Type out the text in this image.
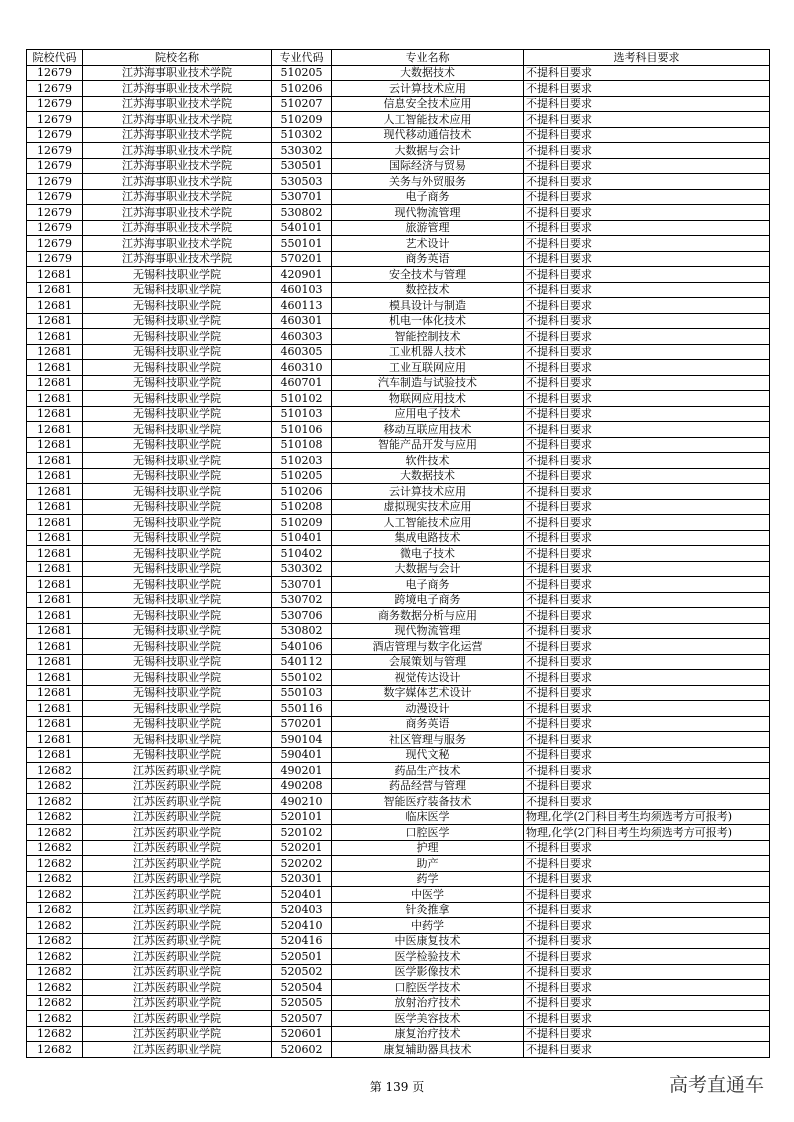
院校代码	院校名称	专业代码	专业名称	选考科目要求
12679	江苏海事职业技术学院	510205	大数据技术	不提科目要求
12679	江苏海事职业技术学院	510206	云计算技术应用	不提科目要求
12679	江苏海事职业技术学院	510207	信息安全技术应用	不提科目要求
12679	江苏海事职业技术学院	510209	人工智能技术应用	不提科目要求
12679	江苏海事职业技术学院	510302	现代移动通信技术	不提科目要求
12679	江苏海事职业技术学院	530302	大数据与会计	不提科目要求
12679	江苏海事职业技术学院	530501	国际经济与贸易	不提科目要求
12679	江苏海事职业技术学院	530503	关务与外贸服务	不提科目要求
12679	江苏海事职业技术学院	530701	电子商务	不提科目要求
12679	江苏海事职业技术学院	530802	现代物流管理	不提科目要求
12679	江苏海事职业技术学院	540101	旅游管理	不提科目要求
12679	江苏海事职业技术学院	550101	艺术设计	不提科目要求
12679	江苏海事职业技术学院	570201	商务英语	不提科目要求
12681	无锡科技职业学院	420901	安全技术与管理	不提科目要求
12681	无锡科技职业学院	460103	数控技术	不提科目要求
12681	无锡科技职业学院	460113	模具设计与制造	不提科目要求
12681	无锡科技职业学院	460301	机电一体化技术	不提科目要求
12681	无锡科技职业学院	460303	智能控制技术	不提科目要求
12681	无锡科技职业学院	460305	工业机器人技术	不提科目要求
12681	无锡科技职业学院	460310	工业互联网应用	不提科目要求
12681	无锡科技职业学院	460701	汽车制造与试验技术	不提科目要求
12681	无锡科技职业学院	510102	物联网应用技术	不提科目要求
12681	无锡科技职业学院	510103	应用电子技术	不提科目要求
12681	无锡科技职业学院	510106	移动互联应用技术	不提科目要求
12681	无锡科技职业学院	510108	智能产品开发与应用	不提科目要求
12681	无锡科技职业学院	510203	软件技术	不提科目要求
12681	无锡科技职业学院	510205	大数据技术	不提科目要求
12681	无锡科技职业学院	510206	云计算技术应用	不提科目要求
12681	无锡科技职业学院	510208	虚拟现实技术应用	不提科目要求
12681	无锡科技职业学院	510209	人工智能技术应用	不提科目要求
12681	无锡科技职业学院	510401	集成电路技术	不提科目要求
12681	无锡科技职业学院	510402	微电子技术	不提科目要求
12681	无锡科技职业学院	530302	大数据与会计	不提科目要求
12681	无锡科技职业学院	530701	电子商务	不提科目要求
12681	无锡科技职业学院	530702	跨境电子商务	不提科目要求
12681	无锡科技职业学院	530706	商务数据分析与应用	不提科目要求
12681	无锡科技职业学院	530802	现代物流管理	不提科目要求
12681	无锡科技职业学院	540106	酒店管理与数字化运营	不提科目要求
12681	无锡科技职业学院	540112	会展策划与管理	不提科目要求
12681	无锡科技职业学院	550102	视觉传达设计	不提科目要求
12681	无锡科技职业学院	550103	数字媒体艺术设计	不提科目要求
12681	无锡科技职业学院	550116	动漫设计	不提科目要求
12681	无锡科技职业学院	570201	商务英语	不提科目要求
12681	无锡科技职业学院	590104	社区管理与服务	不提科目要求
12681	无锡科技职业学院	590401	现代文秘	不提科目要求
12682	江苏医药职业学院	490201	药品生产技术	不提科目要求
12682	江苏医药职业学院	490208	药品经营与管理	不提科目要求
12682	江苏医药职业学院	490210	智能医疗装备技术	不提科目要求
12682	江苏医药职业学院	520101	临床医学	物理,化学(2门科目考生均须选考方可报考)
12682	江苏医药职业学院	520102	口腔医学	物理,化学(2门科目考生均须选考方可报考)
12682	江苏医药职业学院	520201	护理	不提科目要求
12682	江苏医药职业学院	520202	助产	不提科目要求
12682	江苏医药职业学院	520301	药学	不提科目要求
12682	江苏医药职业学院	520401	中医学	不提科目要求
12682	江苏医药职业学院	520403	针灸推拿	不提科目要求
12682	江苏医药职业学院	520410	中药学	不提科目要求
12682	江苏医药职业学院	520416	中医康复技术	不提科目要求
12682	江苏医药职业学院	520501	医学检验技术	不提科目要求
12682	江苏医药职业学院	520502	医学影像技术	不提科目要求
12682	江苏医药职业学院	520504	口腔医学技术	不提科目要求
12682	江苏医药职业学院	520505	放射治疗技术	不提科目要求
12682	江苏医药职业学院	520507	医学美容技术	不提科目要求
12682	江苏医药职业学院	520601	康复治疗技术	不提科目要求
12682	江苏医药职业学院	520602	康复辅助器具技术	不提科目要求
第 139 页	高考直通车
